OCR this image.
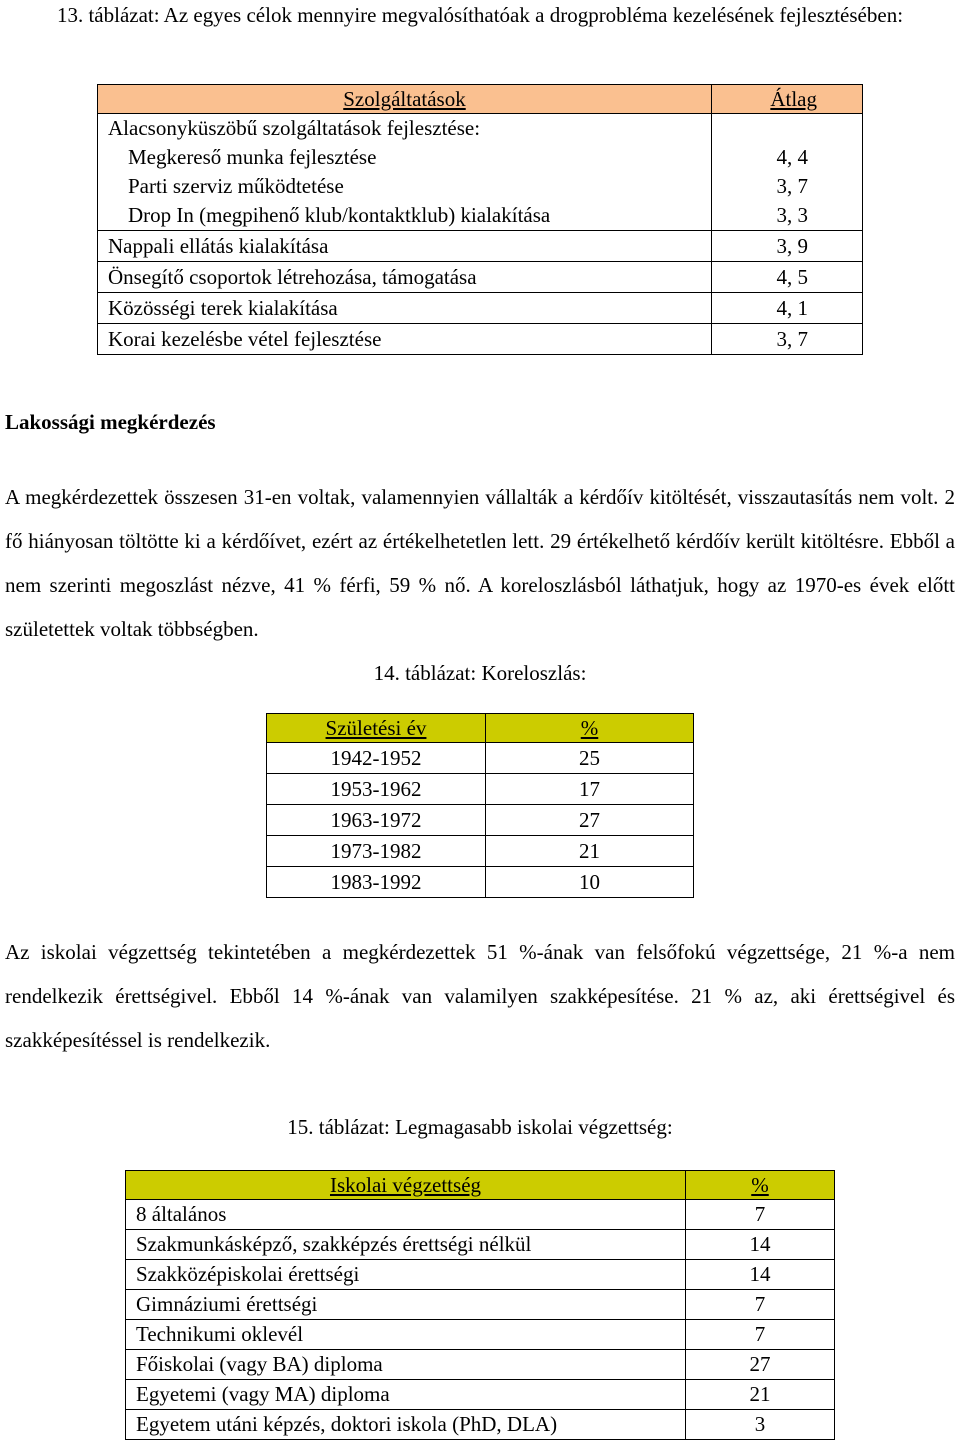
13. táblázat: Az egyes célok mennyire megvalósíthatóak a drogprobléma kezelésének fejlesztésében:
Szolgáltatások	Átlag
Alacsonyküszöbű szolgáltatások fejlesztése:	
Megkereső munka fejlesztése	4, 4
Parti szerviz működtetése	3, 7
Drop In (megpihenő klub/kontaktklub) kialakítása	3, 3
Nappali ellátás kialakítása	3, 9
Önsegítő csoportok létrehozása, támogatása	4, 5
Közösségi terek kialakítása	4, 1
Korai kezelésbe vétel fejlesztése	3, 7
Lakossági megkérdezés
A megkérdezettek összesen 31-en voltak, valamennyien vállalták a kérdőív kitöltését, visszautasítás nem volt. 2 fő hiányosan töltötte ki a kérdőívet, ezért az értékelhetetlen lett. 29 értékelhető kérdőív került kitöltésre. Ebből a nem szerinti megoszlást nézve, 41 % férfi, 59 % nő. A koreloszlásból láthatjuk, hogy az 1970-es évek előtt születettek voltak többségben.
14. táblázat: Koreloszlás:
Születési év	%
1942-1952	25
1953-1962	17
1963-1972	27
1973-1982	21
1983-1992	10
Az iskolai végzettség tekintetében a megkérdezettek 51 %-ának van felsőfokú végzettsége, 21 %-a nem rendelkezik érettségivel. Ebből 14 %-ának van valamilyen szakképesítése. 21 % az, aki érettségivel és szakképesítéssel is rendelkezik.
15. táblázat: Legmagasabb iskolai végzettség:
Iskolai végzettség	%
8 általános	7
Szakmunkásképző, szakképzés érettségi nélkül	14
Szakközépiskolai érettségi	14
Gimnáziumi érettségi	7
Technikumi oklevél	7
Főiskolai (vagy BA) diploma	27
Egyetemi (vagy MA) diploma	21
Egyetem utáni képzés, doktori iskola (PhD, DLA)	3
